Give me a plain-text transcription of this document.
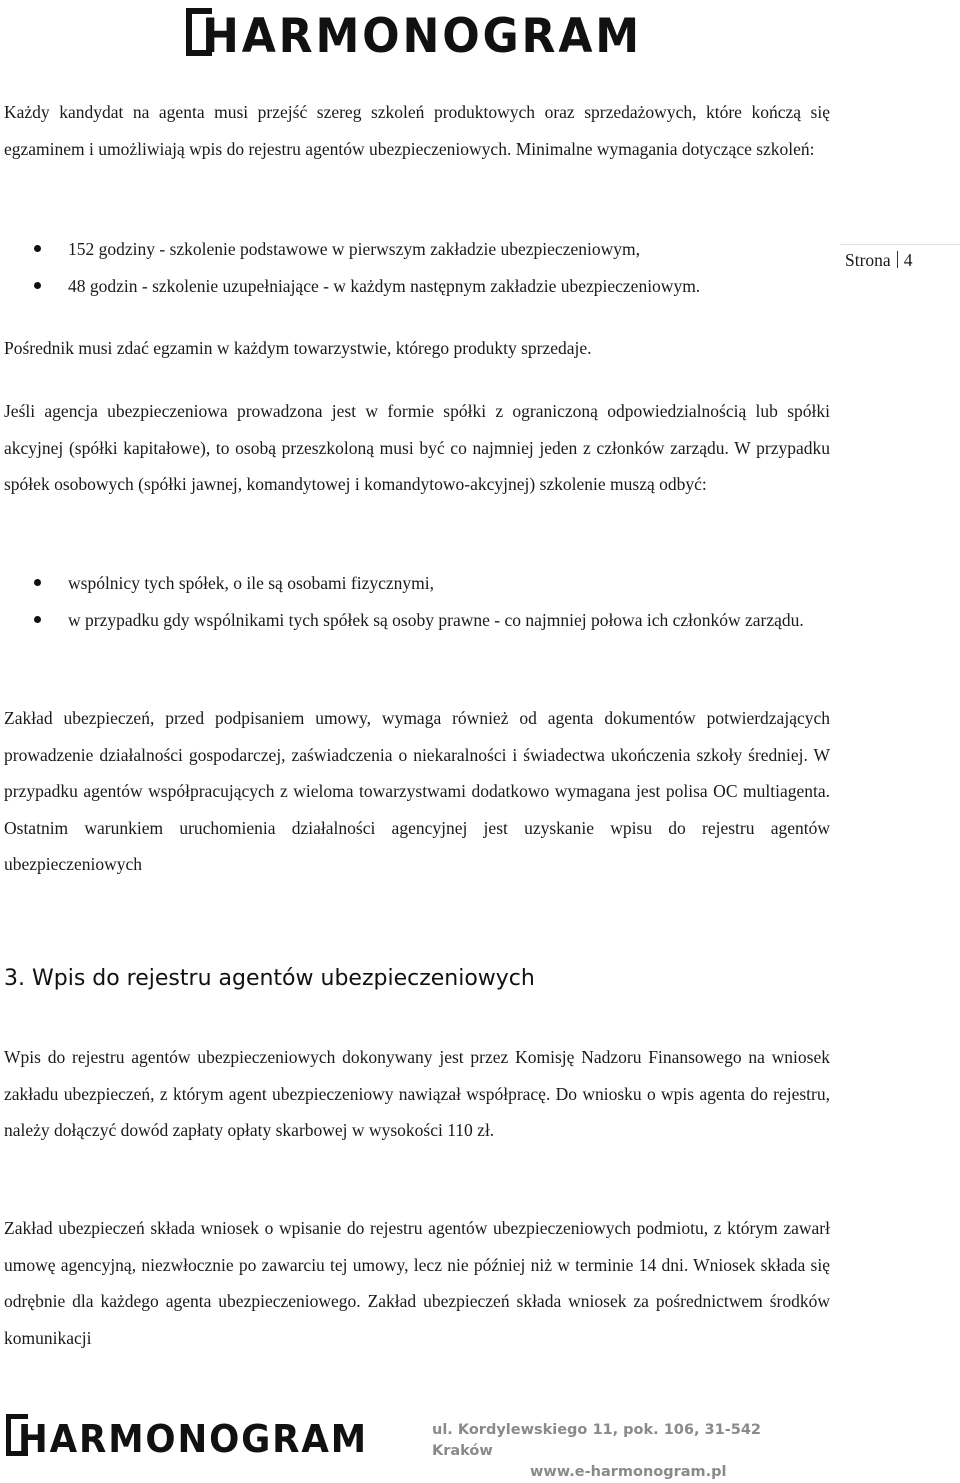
HARMONOGRAM
Strona 4
Każdy kandydat na agenta musi przejść szereg szkoleń produktowych oraz sprzedażowych, które kończą się egzaminem i umożliwiają wpis do rejestru agentów ubezpieczeniowych. Minimalne wymagania dotyczące szkoleń:
152 godziny - szkolenie podstawowe w pierwszym zakładzie ubezpieczeniowym,
48 godzin - szkolenie uzupełniające - w każdym następnym zakładzie ubezpieczeniowym.
Pośrednik musi zdać egzamin w każdym towarzystwie, którego produkty sprzedaje.
Jeśli agencja ubezpieczeniowa prowadzona jest w formie spółki z ograniczoną odpowiedzialnością lub spółki akcyjnej (spółki kapitałowe), to osobą przeszkoloną musi być co najmniej jeden z członków zarządu. W przypadku spółek osobowych (spółki jawnej, komandytowej i komandytowo-akcyjnej) szkolenie muszą odbyć:
wspólnicy tych spółek, o ile są osobami fizycznymi,
w przypadku gdy wspólnikami tych spółek są osoby prawne - co najmniej połowa ich członków zarządu.
Zakład ubezpieczeń, przed podpisaniem umowy, wymaga również od agenta dokumentów potwierdzających prowadzenie działalności gospodarczej, zaświadczenia o niekaralności i świadectwa ukończenia szkoły średniej. W przypadku agentów współpracujących z wieloma towarzystwami dodatkowo wymagana jest polisa OC multiagenta. Ostatnim warunkiem uruchomienia działalności agencyjnej jest uzyskanie wpisu do rejestru agentów ubezpieczeniowych
3. Wpis do rejestru agentów ubezpieczeniowych
Wpis do rejestru agentów ubezpieczeniowych dokonywany jest przez Komisję Nadzoru Finansowego na wniosek zakładu ubezpieczeń, z którym agent ubezpieczeniowy nawiązał współpracę. Do wniosku o wpis agenta do rejestru, należy dołączyć dowód zapłaty opłaty skarbowej w wysokości 110 zł.
Zakład ubezpieczeń składa wniosek o wpisanie do rejestru agentów ubezpieczeniowych podmiotu, z którym zawarł umowę agencyjną, niezwłocznie po zawarciu tej umowy, lecz nie później niż w terminie 14 dni. Wniosek składa się odrębnie dla każdego agenta ubezpieczeniowego. Zakład ubezpieczeń składa wniosek za pośrednictwem środków komunikacji
HARMONOGRAM	ul. Kordylewskiego 11, pok. 106, 31-542 Kraków
www.e-harmonogram.pl
